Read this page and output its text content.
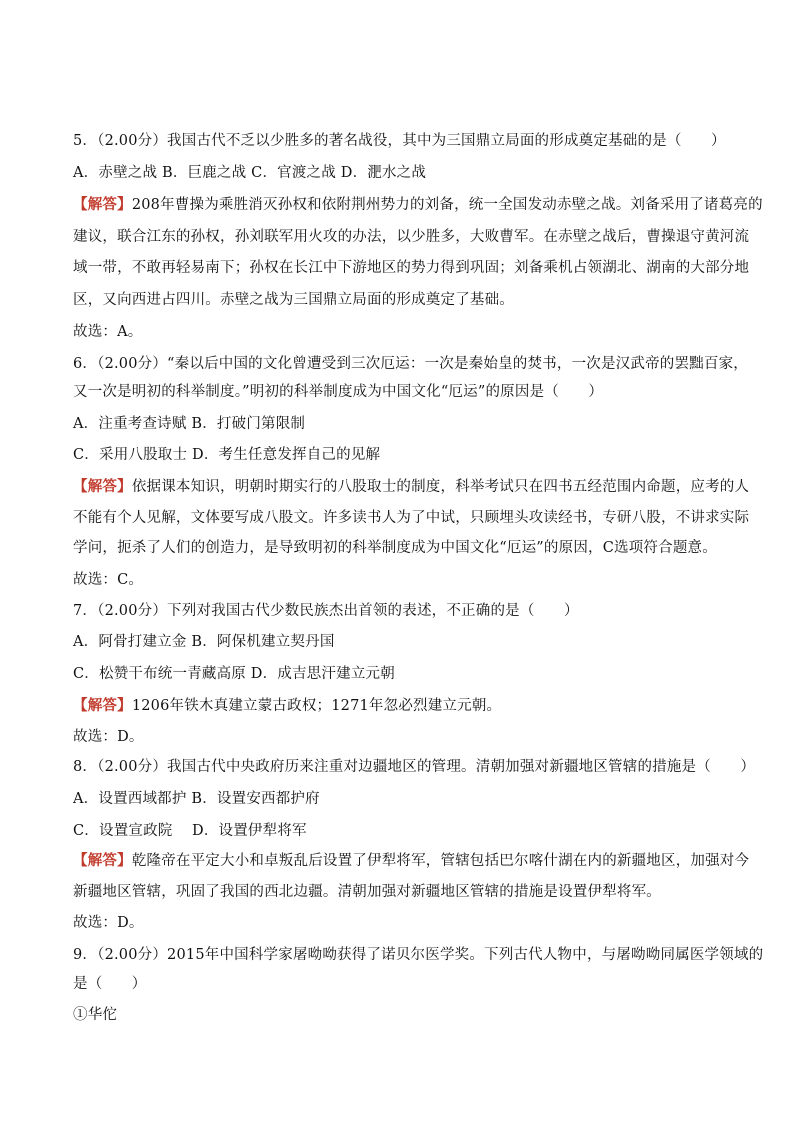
5．（2.00分）我国古代不乏以少胜多的著名战役，其中为三国鼎立局面的形成奠定基础的是（　　）
A．赤壁之战 B．巨鹿之战 C．官渡之战 D．淝水之战
【解答】208年曹操为乘胜消灭孙权和依附荆州势力的刘备，统一全国发动赤壁之战。刘备采用了诸葛亮的
建议，联合江东的孙权，孙刘联军用火攻的办法，以少胜多，大败曹军。在赤壁之战后，曹操退守黄河流
域一带，不敢再轻易南下；孙权在长江中下游地区的势力得到巩固；刘备乘机占领湖北、湖南的大部分地
区，又向西进占四川。赤壁之战为三国鼎立局面的形成奠定了基础。
故选：A。
6．（2.00分）“秦以后中国的文化曾遭受到三次厄运：一次是秦始皇的焚书，一次是汉武帝的罢黜百家，
又一次是明初的科举制度。”明初的科举制度成为中国文化“厄运”的原因是（　　）
A．注重考查诗赋 B．打破门第限制
C．采用八股取士 D．考生任意发挥自己的见解
【解答】依据课本知识，明朝时期实行的八股取士的制度，科举考试只在四书五经范围内命题，应考的人
不能有个人见解，文体要写成八股文。许多读书人为了中试，只顾埋头攻读经书，专研八股，不讲求实际
学问，扼杀了人们的创造力，是导致明初的科举制度成为中国文化“厄运”的原因，C选项符合题意。
故选：C。
7．（2.00分）下列对我国古代少数民族杰出首领的表述，不正确的是（　　）
A．阿骨打建立金 B．阿保机建立契丹国
C．松赞干布统一青藏高原 D．成吉思汗建立元朝
【解答】1206年铁木真建立蒙古政权；1271年忽必烈建立元朝。
故选：D。
8．（2.00分）我国古代中央政府历来注重对边疆地区的管理。清朝加强对新疆地区管辖的措施是（　　）
A．设置西域都护 B．设置安西都护府
C．设置宣政院　 D．设置伊犁将军
【解答】乾隆帝在平定大小和卓叛乱后设置了伊犁将军，管辖包括巴尔喀什湖在内的新疆地区，加强对今
新疆地区管辖，巩固了我国的西北边疆。清朝加强对新疆地区管辖的措施是设置伊犁将军。
故选：D。
9．（2.00分）2015年中国科学家屠呦呦获得了诺贝尔医学奖。下列古代人物中，与屠呦呦同属医学领域的
是（　　）
①华佗
